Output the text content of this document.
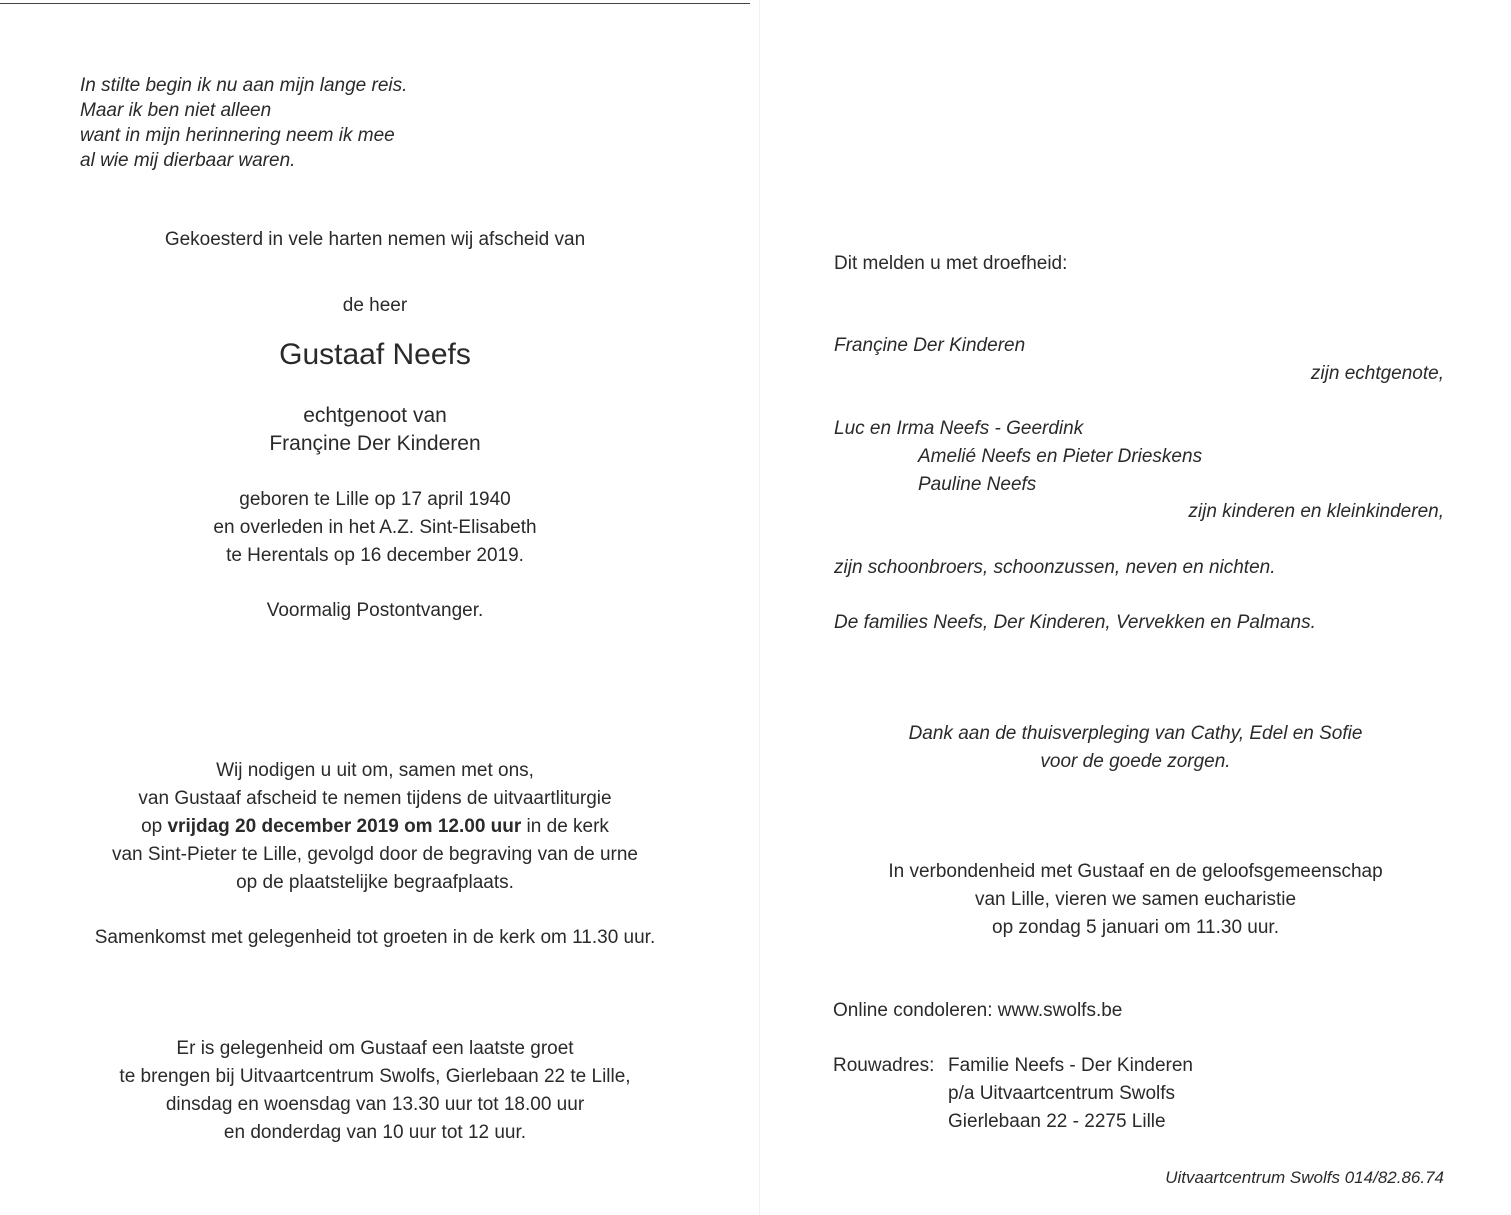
In stilte begin ik nu aan mijn lange reis.
Maar ik ben niet alleen
want in mijn herinnering neem ik mee
al wie mij dierbaar waren.
Gekoesterd in vele harten nemen wij afscheid van
de heer
Gustaaf Neefs
echtgenoot van
Françine Der Kinderen
geboren te Lille op 17 april 1940
en overleden in het A.Z. Sint-Elisabeth
te Herentals op 16 december 2019.
Voormalig Postontvanger.
Wij nodigen u uit om, samen met ons,
van Gustaaf afscheid te nemen tijdens de uitvaartliturgie
op vrijdag 20 december 2019 om 12.00 uur in de kerk
van Sint-Pieter te Lille, gevolgd door de begraving van de urne
op de plaatstelijke begraafplaats.
Samenkomst met gelegenheid tot groeten in de kerk om 11.30 uur.
Er is gelegenheid om Gustaaf een laatste groet
te brengen bij Uitvaartcentrum Swolfs, Gierlebaan 22 te Lille,
dinsdag en woensdag van 13.30 uur tot 18.00 uur
en donderdag van 10 uur tot 12 uur.
Dit melden u met droefheid:
Françine Der Kinderen
zijn echtgenote,
Luc en Irma Neefs - Geerdink
Amelié Neefs en Pieter Drieskens
Pauline Neefs
zijn kinderen en kleinkinderen,
zijn schoonbroers, schoonzussen, neven en nichten.
De families Neefs, Der Kinderen, Vervekken en Palmans.
Dank aan de thuisverpleging van Cathy, Edel en Sofie
voor de goede zorgen.
In verbondenheid met Gustaaf en de geloofsgemeenschap
van Lille, vieren we samen eucharistie
op zondag 5 januari om 11.30 uur.
Online condoleren: www.swolfs.be
Rouwadres: Familie Neefs - Der Kinderen
p/a Uitvaartcentrum Swolfs
Gierlebaan 22 - 2275 Lille
Uitvaartcentrum Swolfs 014/82.86.74
